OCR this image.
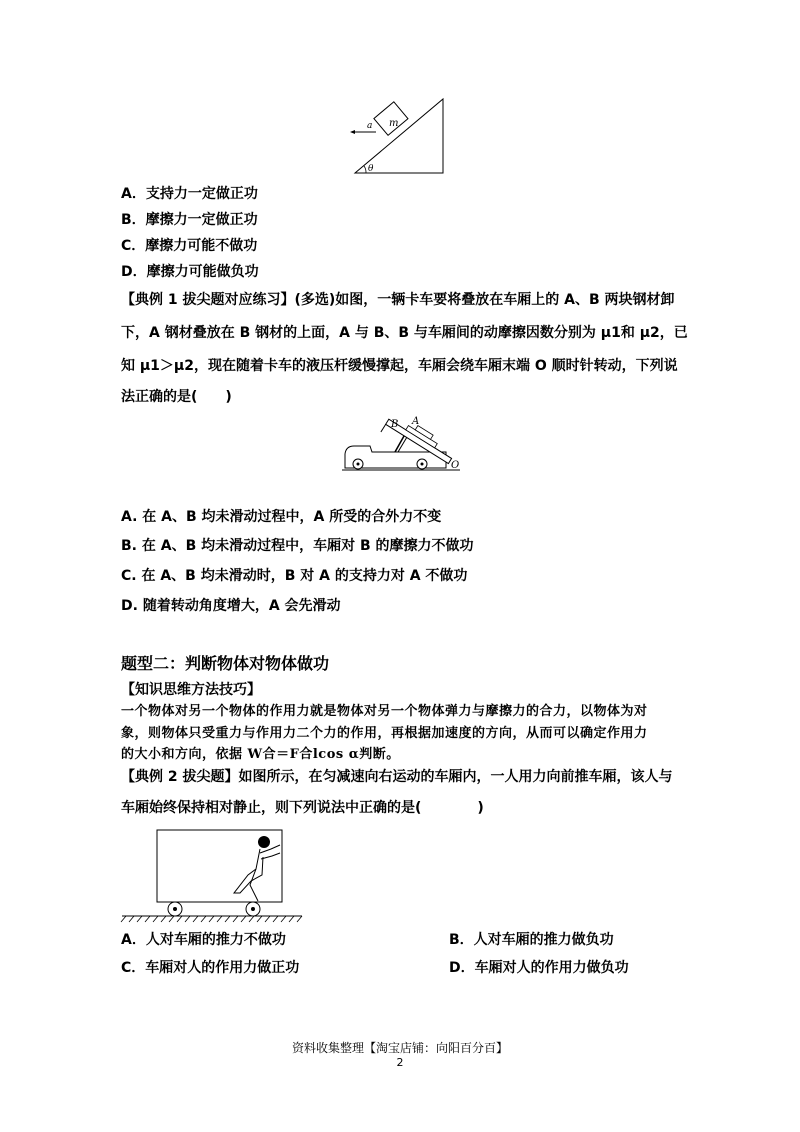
m
a
θ
A．支持力一定做正功
B．摩擦力一定做正功
C．摩擦力可能不做功
D．摩擦力可能做负功
【典例 1 拔尖题对应练习】(多选)如图，一辆卡车要将叠放在车厢上的 A、B 两块钢材卸
下，A 钢材叠放在 B 钢材的上面，A 与 B、B 与车厢间的动摩擦因数分别为 μ1和 μ2，已
知 μ1＞μ2，现在随着卡车的液压杆缓慢撑起，车厢会绕车厢末端 O 顺时针转动，下列说
法正确的是(　　)
B A
O
A. 在 A、B 均未滑动过程中，A 所受的合外力不变
B. 在 A、B 均未滑动过程中，车厢对 B 的摩擦力不做功
C. 在 A、B 均未滑动时，B 对 A 的支持力对 A 不做功
D. 随着转动角度增大，A 会先滑动
题型二：判断物体对物体做功
【知识思维方法技巧】
一个物体对另一个物体的作用力就是物体对另一个物体弹力与摩擦力的合力，以物体为对
象，则物体只受重力与作用力二个力的作用，再根据加速度的方向，从而可以确定作用力
的大小和方向，依据 W合＝F合lcos α判断。
【典例 2 拔尖题】如图所示，在匀减速向右运动的车厢内，一人用力向前推车厢，该人与
车厢始终保持相对静止，则下列说法中正确的是(　　　　)
A．人对车厢的推力不做功	B．人对车厢的推力做负功
C．车厢对人的作用力做正功	D．车厢对人的作用力做负功
资料收集整理【淘宝店铺：向阳百分百】
2
